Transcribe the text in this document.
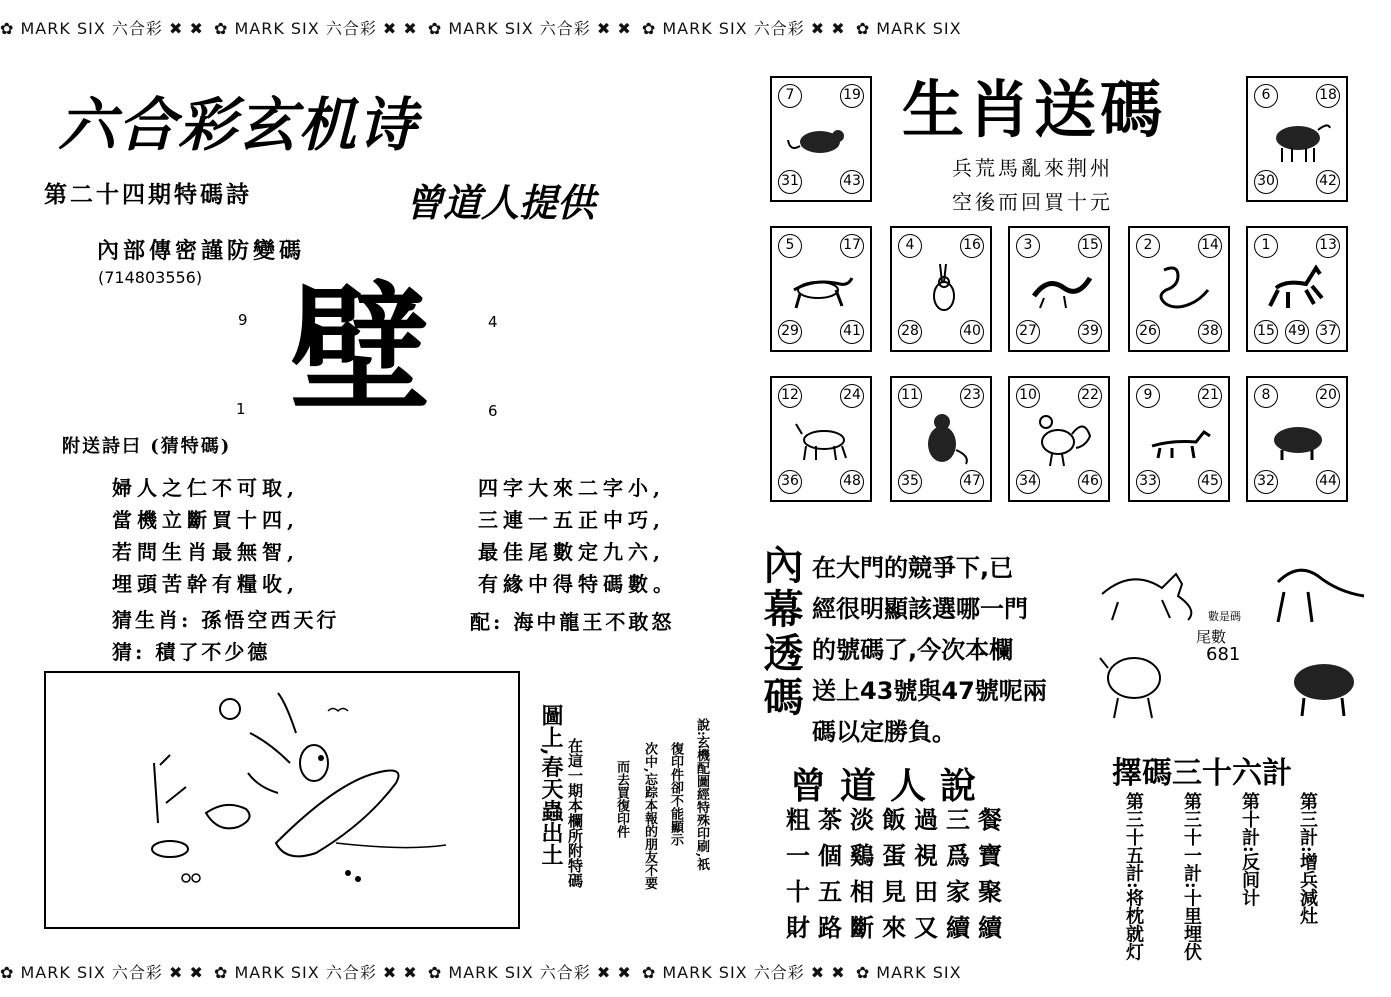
✿ MARK SIX 六合彩 ✖ ✖ ✿ MARK SIX 六合彩 ✖ ✖ ✿ MARK SIX 六合彩 ✖ ✖ ✿ MARK SIX 六合彩 ✖ ✖ ✿ MARK SIX
六合彩玄机诗
第二十四期特碼詩	曾道人提供
內部傳密謹防變碼
(714803556)
9	4
1	6
壁
附送詩曰 (猜特碼)
婦人之仁不可取,
當機立斷買十四,
若問生肖最無智,
埋頭苦幹有糧收,
四字大來二字小,
三連一五正中巧,
最佳尾數定九六,
有緣中得特碼數。
猜生肖: 孫悟空西天行	配: 海中龍王不敢怒
猜: 積了不少德
圖上,春天蟲出土 在這一期本欄所附特碼 而去買復印件 次中,忘踪本報的朋友不要 復印件卻不能顯示 說:玄機配圖經特殊印刷,祇
生肖送碼
兵荒馬亂來荆州
空後而回買十元
7	19
31	43
6	18
30	42
5	17
29	41
4	16
28	40
3	15
27	39
2	14
26	38
1	13
15 49 37
12	24
36	48
11	23
35	47
10	22
34	46
9	21
33	45
8	20
32	44
內幕透碼 在大門的競爭下,已
經很明顯該選哪一門
的號碼了,今次本欄
送上43號與47號呢兩
碼以定勝負。
數是碼
尾數
681
曾道人說
粗茶淡飯過三餐
一個鷄蛋視爲寶
十五相見田家聚
財路斷來又續續
擇碼三十六計
第三計:增兵減灶
第十計:反间计
第三十一計:十里埋伏
第三十五計:将枕就灯
✿ MARK SIX 六合彩 ✖ ✖ ✿ MARK SIX 六合彩 ✖ ✖ ✿ MARK SIX 六合彩 ✖ ✖ ✿ MARK SIX 六合彩 ✖ ✖ ✿ MARK SIX
